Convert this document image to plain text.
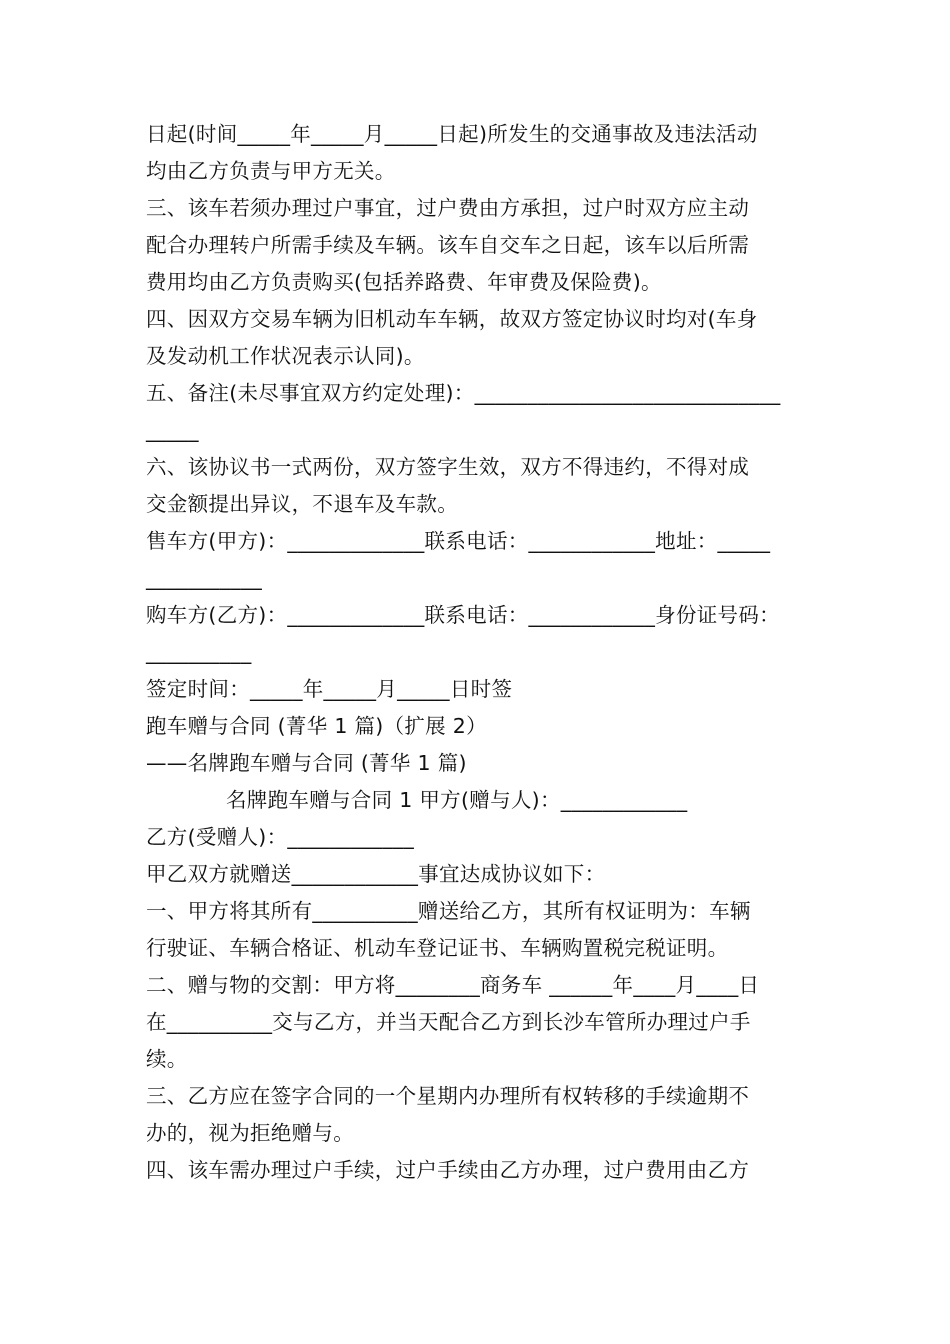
日起(时间_____年_____月_____日起)所发生的交通事故及违法活动
均由乙方负责与甲方无关。
三、该车若须办理过户事宜，过户费由方承担，过户时双方应主动
配合办理转户所需手续及车辆。该车自交车之日起，该车以后所需
费用均由乙方负责购买(包括养路费、年审费及保险费)。
四、因双方交易车辆为旧机动车车辆，故双方签定协议时均对(车身
及发动机工作状况表示认同)。
五、备注(未尽事宜双方约定处理)：_____________________________
_____
六、该协议书一式两份，双方签字生效，双方不得违约，不得对成
交金额提出异议，不退车及车款。
售车方(甲方)：_____________联系电话：____________地址：_____
___________
购车方(乙方)：_____________联系电话：____________身份证号码：
__________
签定时间：_____年_____月_____日时签
跑车赠与合同 (菁华 1 篇)（扩展 2）
——名牌跑车赠与合同 (菁华 1 篇)
名牌跑车赠与合同 1 甲方(赠与人)：____________
乙方(受赠人)：____________
甲乙双方就赠送____________事宜达成协议如下：
一、甲方将其所有__________赠送给乙方，其所有权证明为：车辆
行驶证、车辆合格证、机动车登记证书、车辆购置税完税证明。
二、赠与物的交割：甲方将________商务车 ______年____月____日
在__________交与乙方，并当天配合乙方到长沙车管所办理过户手
续。
三、乙方应在签字合同的一个星期内办理所有权转移的手续逾期不
办的，视为拒绝赠与。
四、该车需办理过户手续，过户手续由乙方办理，过户费用由乙方
